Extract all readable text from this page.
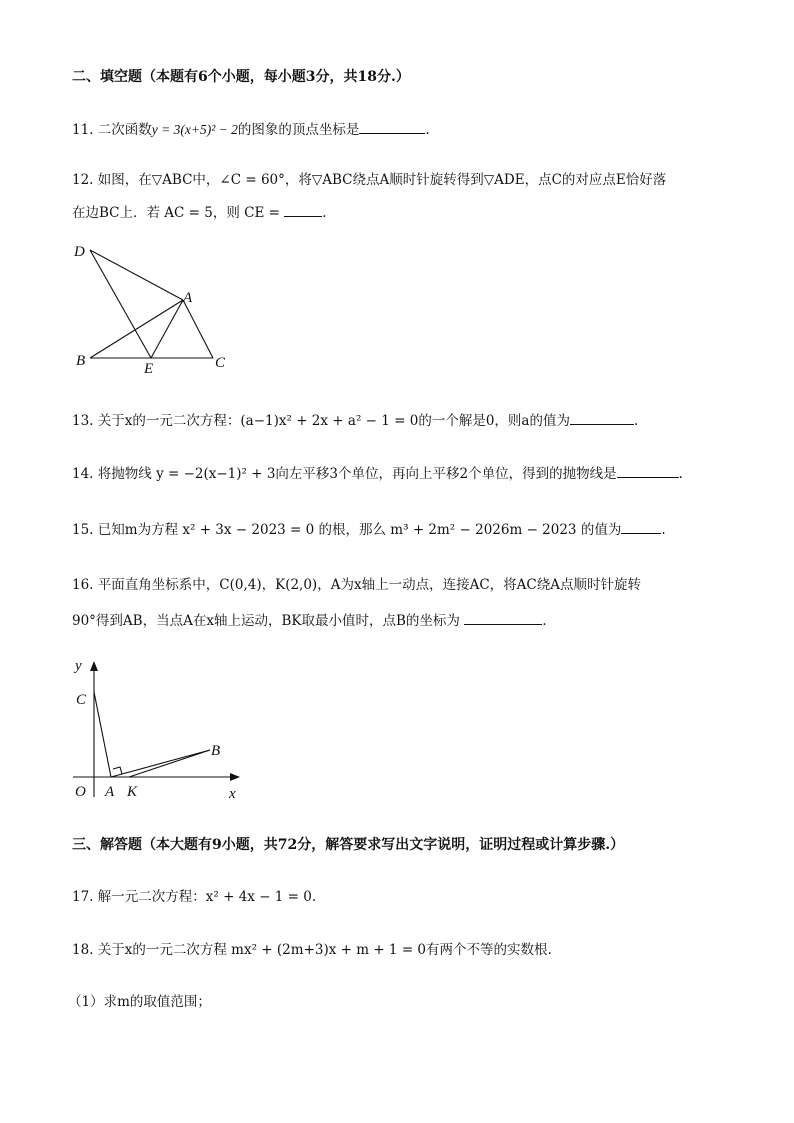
二、填空题（本题有6个小题，每小题3分，共18分.）
11. 二次函数y = 3(x+5)² − 2的图象的顶点坐标是	.
12. 如图，在▽ABC中，∠C = 60°，将▽ABC绕点A顺时针旋转得到▽ADE，点C的对应点E恰好落
在边BC上．若 AC = 5，则 CE =	.
D
A
B	E	C
13. 关于x的一元二次方程：(a−1)x² + 2x + a² − 1 = 0的一个解是0，则a的值为	.
14. 将抛物线 y = −2(x−1)² + 3向左平移3个单位，再向上平移2个单位，得到的抛物线是	.
15. 已知m为方程 x² + 3x − 2023 = 0 的根，那么 m³ + 2m² − 2026m − 2023 的值为	.
16. 平面直角坐标系中，C(0,4)，K(2,0)，A为x轴上一动点，连接AC，将AC绕A点顺时针旋转
90°得到AB，当点A在x轴上运动，BK取最小值时，点B的坐标为	.
y
C
B
O A K	x
三、解答题（本大题有9小题，共72分，解答要求写出文字说明，证明过程或计算步骤.）
17. 解一元二次方程：x² + 4x − 1 = 0.
18. 关于x的一元二次方程 mx² + (2m+3)x + m + 1 = 0有两个不等的实数根.
（1）求m的取值范围；
